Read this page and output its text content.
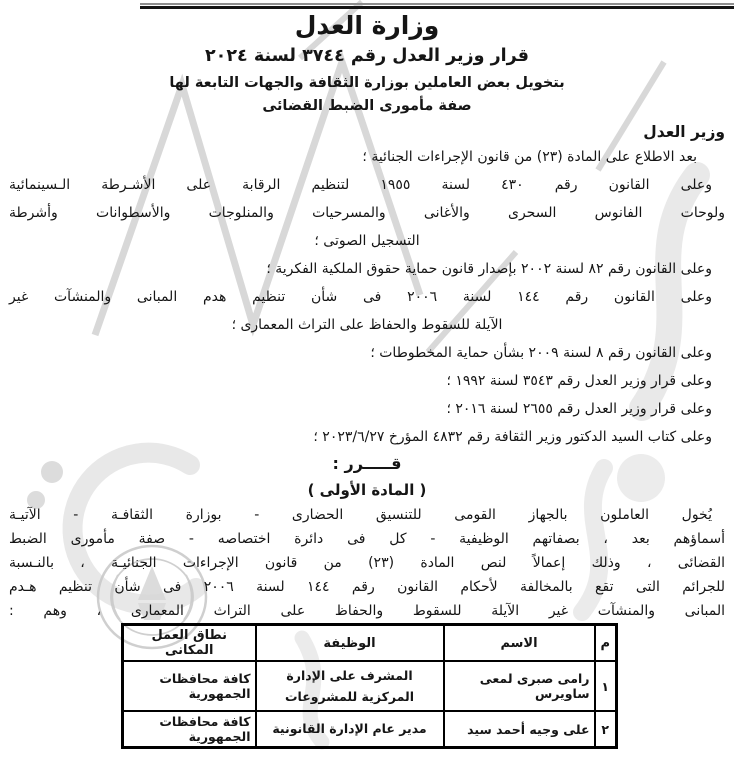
وزارة العدل
قرار وزير العدل رقم ٣٧٤٤ لسنة ٢٠٢٤
بتخويل بعض العاملين بوزارة الثقافة والجهات التابعة لها
صفة مأمورى الضبط القضائى
وزير العدل
بعد الاطلاع على المادة (٢٣) من قانون الإجراءات الجنائية ؛
وعلى القانون رقم ٤٣٠ لسنة ١٩٥٥ لتنظيم الرقابة على الأشـرطة الـسينمائية
ولوحات الفانوس السحرى والأغانى والمسرحيات والمنلوجات والأسطوانات وأشرطة
التسجيل الصوتى ؛
وعلى القانون رقم ٨٢ لسنة ٢٠٠٢ بإصدار قانون حماية حقوق الملكية الفكرية ؛
وعلى القانون رقم ١٤٤ لسنة ٢٠٠٦ فى شأن تنظيم هدم المبانى والمنشآت غير
الآيلة للسقوط والحفاظ على التراث المعمارى ؛
وعلى القانون رقم ٨ لسنة ٢٠٠٩ بشأن حماية المخطوطات ؛
وعلى قرار وزير العدل رقم ٣٥٤٣ لسنة ١٩٩٢ ؛
وعلى قرار وزير العدل رقم ٢٦٥٥ لسنة ٢٠١٦ ؛
وعلى كتاب السيد الدكتور وزير الثقافة رقم ٤٨٣٢ المؤرخ ٢٠٢٣/٦/٢٧ ؛
قـــــرر :
( المادة الأولى )
يُخول العاملون بالجهاز القومى للتنسيق الحضارى - بوزارة الثقافـة - الآتيـة
أسماؤهم بعد ، بصفاتهم الوظيفية - كل فى دائرة اختصاصه - صفة مأمورى الضبط
القضائى ، وذلك إعمالاً لنص المادة (٢٣) من قانون الإجراءات الجنائيـة ، بالنـسبة
للجرائم التى تقع بالمخالفة لأحكام القانون رقم ١٤٤ لسنة ٢٠٠٦ فى شأن تنظيم هـدم
المبانى والمنشآت غير الآيلة للسقوط والحفاظ على التراث المعمارى ، وهم :
م	الاسم	الوظيفة	نطاق العمل المكانى
١	رامى صبرى لمعى ساويرس	المشرف على الإدارة المركزية للمشروعات	كافة محافظات الجمهورية
٢	على وجيه أحمد سيد	مدير عام الإدارة القانونية	كافة محافظات الجمهورية
